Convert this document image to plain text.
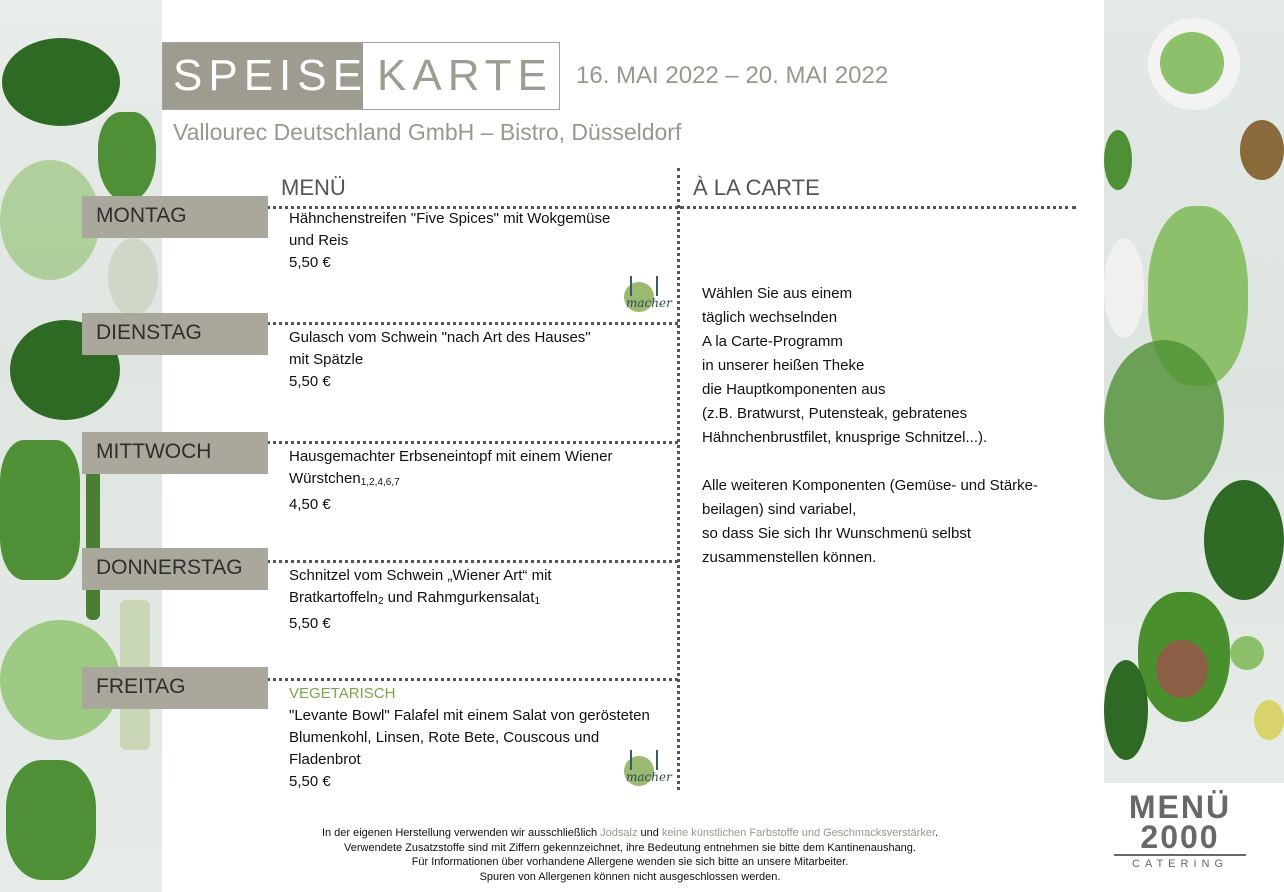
SPEISE KARTE 16. MAI 2022 – 20. MAI 2022
Vallourec Deutschland GmbH – Bistro, Düsseldorf
MENÜ	À LA CARTE
MONTAG
DIENSTAG
MITTWOCH
DONNERSTAG
FREITAG
Hähnchenstreifen "Five Spices" mit Wokgemüse
und Reis
5,50 €
Gulasch vom Schwein "nach Art des Hauses"
mit Spätzle
5,50 €
Hausgemachter Erbseneintopf mit einem Wiener
Würstchen$_{1,2,4,6,7}$
4,50 €
Schnitzel vom Schwein „Wiener Art“ mit
Bratkartoffeln$_2$ und Rahmgurkensalat$_1$
5,50 €
VEGETARISCH
"Levante Bowl" Falafel mit einem Salat von gerösteten
Blumenkohl, Linsen, Rote Bete, Couscous und
Fladenbrot
5,50 €
macher
macher
Wählen Sie aus einem
täglich wechselnden
A la Carte-Programm
in unserer heißen Theke
die Hauptkomponenten aus
(z.B. Bratwurst, Putensteak, gebratenes
Hähnchenbrustfilet, knusprige Schnitzel...).
Alle weiteren Komponenten (Gemüse- und Stärke-
beilagen) sind variabel,
so dass Sie sich Ihr Wunschmenü selbst
zusammenstellen können.
In der eigenen Herstellung verwenden wir ausschließlich Jodsalz und keine künstlichen Farbstoffe und Geschmacksverstärker.
Verwendete Zusatzstoffe sind mit Ziffern gekennzeichnet, ihre Bedeutung entnehmen sie bitte dem Kantinenaushang.
Für Informationen über vorhandene Allergene wenden sie sich bitte an unsere Mitarbeiter.
Spuren von Allergenen können nicht ausgeschlossen werden.
MENÜ
2000
CATERING
